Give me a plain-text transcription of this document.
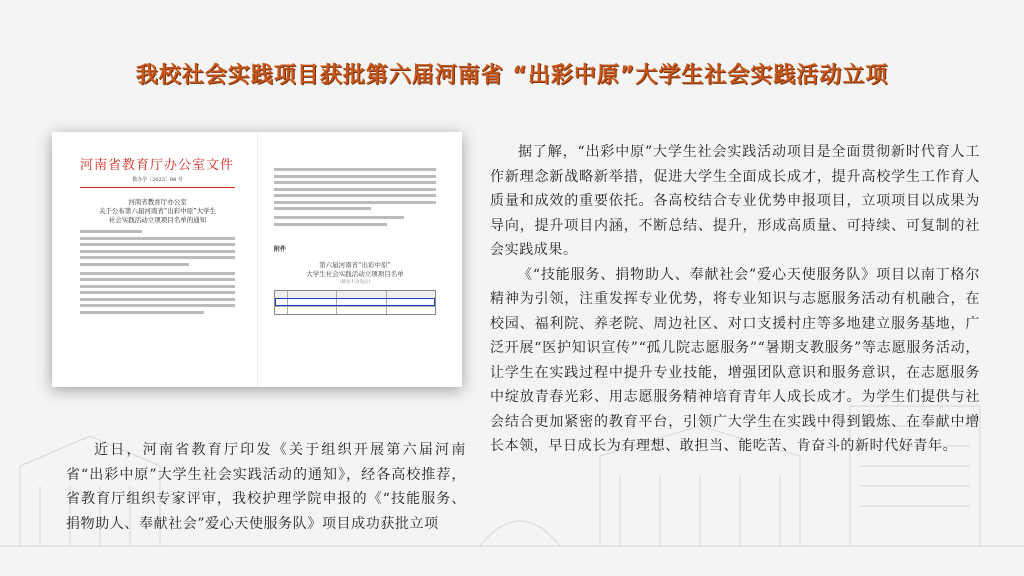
我校社会实践项目获批第六届河南省 “出彩中原”大学生社会实践活动立项
河南省教育厅办公室文件
教办学〔2023〕98 号
河南省教育厅办公室
关于公布第六届河南省“出彩中原”大学生
社会实践活动立项项目名单的通知
附件
第六届河南省“出彩中原”
大学生社会实践活动立项项目名单
（排名不分先后）

近日，河南省教育厅印发《关于组织开展第六届河南省“出彩中原”大学生社会实践活动的通知》，经各高校推荐，省教育厅组织专家评审，我校护理学院申报的《“技能服务、捐物助人、奉献社会”爱心天使服务队》项目成功获批立项

据了解，“出彩中原”大学生社会实践活动项目是全面贯彻新时代育人工作新理念新战略新举措，促进大学生全面成长成才，提升高校学生工作育人质量和成效的重要依托。各高校结合专业优势申报项目，立项项目以成果为导向，提升项目内涵，不断总结、提升，形成高质量、可持续、可复制的社会实践成果。

《“技能服务、捐物助人、奉献社会”爱心天使服务队》项目以南丁格尔精神为引领，注重发挥专业优势，将专业知识与志愿服务活动有机融合，在校园、福利院、养老院、周边社区、对口支援村庄等多地建立服务基地，广泛开展“医护知识宣传”“孤儿院志愿服务”“暑期支教服务”等志愿服务活动，让学生在实践过程中提升专业技能，增强团队意识和服务意识，在志愿服务中绽放青春光彩、用志愿服务精神培育青年人成长成才。为学生们提供与社会结合更加紧密的教育平台，引领广大学生在实践中得到锻炼、在奉献中增长本领，早日成长为有理想、敢担当、能吃苦、肯奋斗的新时代好青年。
